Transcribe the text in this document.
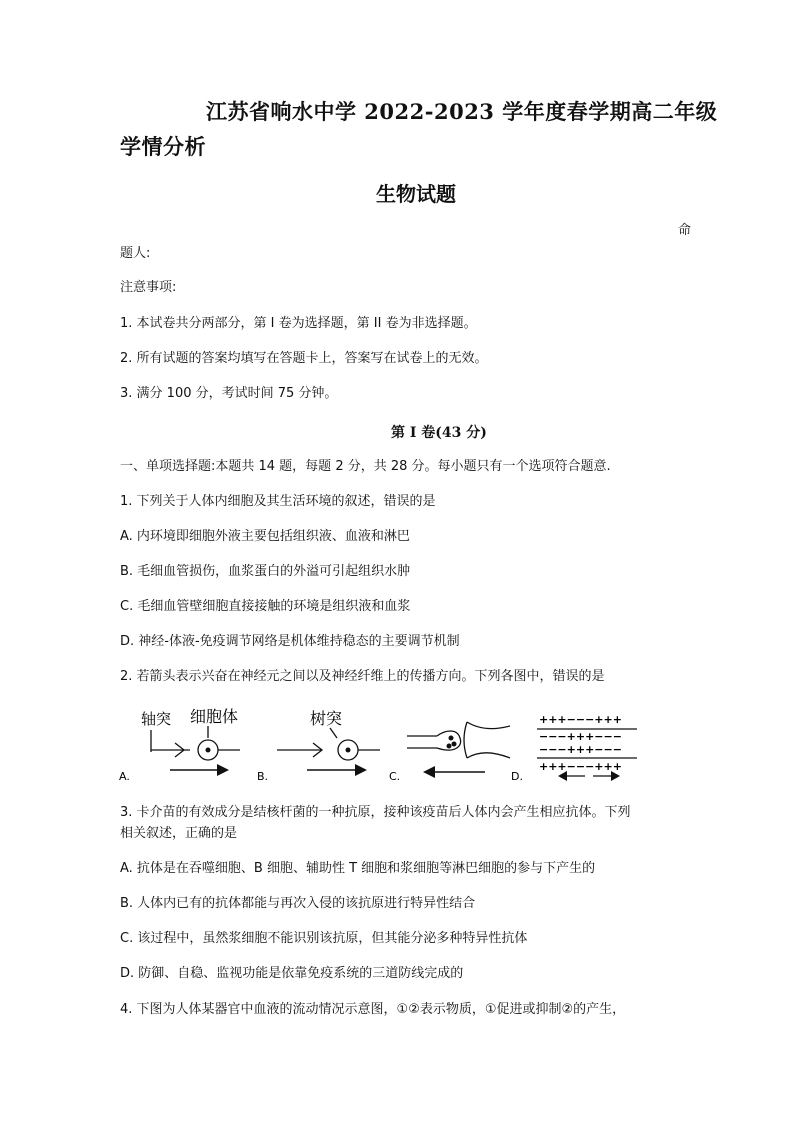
江苏省响水中学 2022-2023 学年度春学期高二年级
学情分析
生物试题
命
题人:
注意事项:
1. 本试卷共分两部分，第 I 卷为选择题，第 II 卷为非选择题。
2. 所有试题的答案均填写在答题卡上，答案写在试卷上的无效。
3. 满分 100 分，考试时间 75 分钟。
第 I 卷(43 分)
一、单项选择题:本题共 14 题，每题 2 分，共 28 分。每小题只有一个选项符合题意.
1. 下列关于人体内细胞及其生活环境的叙述，错误的是
A. 内环境即细胞外液主要包括组织液、血液和淋巴
B. 毛细血管损伤，血浆蛋白的外溢可引起组织水肿
C. 毛细血管壁细胞直接接触的环境是组织液和血浆
D. 神经-体液-免疫调节网络是机体维持稳态的主要调节机制
2. 若箭头表示兴奋在神经元之间以及神经纤维上的传播方向。下列各图中，错误的是
轴突 细胞体
A.
树突
B.	C.
+++−−−+++
−−−+++−−−
−−−+++−−−
+++−−−+++
D.
3. 卡介苗的有效成分是结核杆菌的一种抗原，接种该疫苗后人体内会产生相应抗体。下列
相关叙述，正确的是
A. 抗体是在吞噬细胞、B 细胞、辅助性 T 细胞和浆细胞等淋巴细胞的参与下产生的
B. 人体内已有的抗体都能与再次入侵的该抗原进行特异性结合
C. 该过程中，虽然浆细胞不能识别该抗原，但其能分泌多种特异性抗体
D. 防御、自稳、监视功能是依靠免疫系统的三道防线完成的
4. 下图为人体某器官中血液的流动情况示意图，①②表示物质，①促进或抑制②的产生，
